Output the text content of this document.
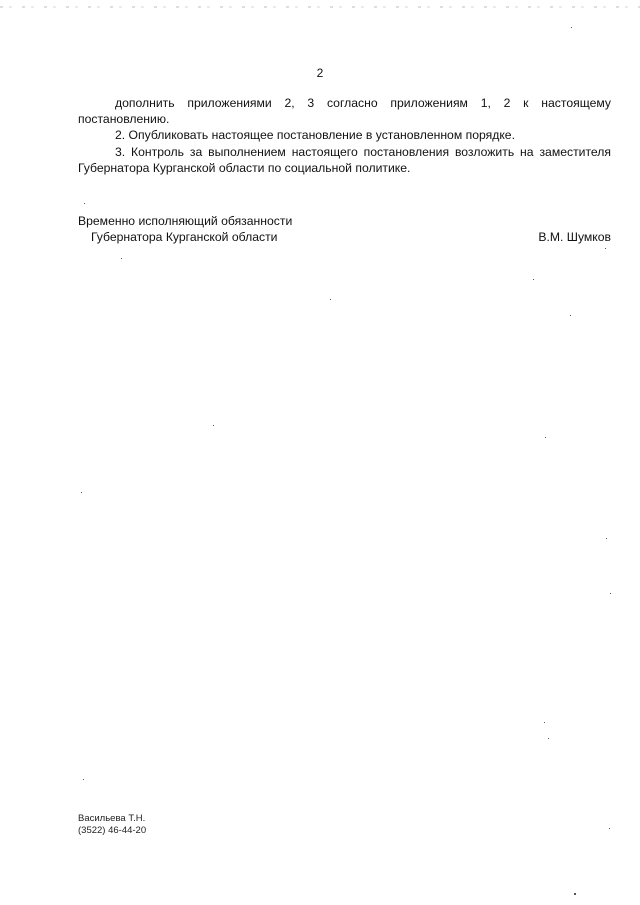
2

дополнить приложениями 2, 3 согласно приложениям 1, 2 к настоящему постановлению.

2. Опубликовать настоящее постановление в установленном порядке.

3. Контроль за выполнением настоящего постановления возложить на заместителя Губернатора Курганской области по социальной политике.

Временно исполняющий обязанности
Губернатора Курганской области	В.М. Шумков
Васильева Т.Н.
(3522) 46-44-20
